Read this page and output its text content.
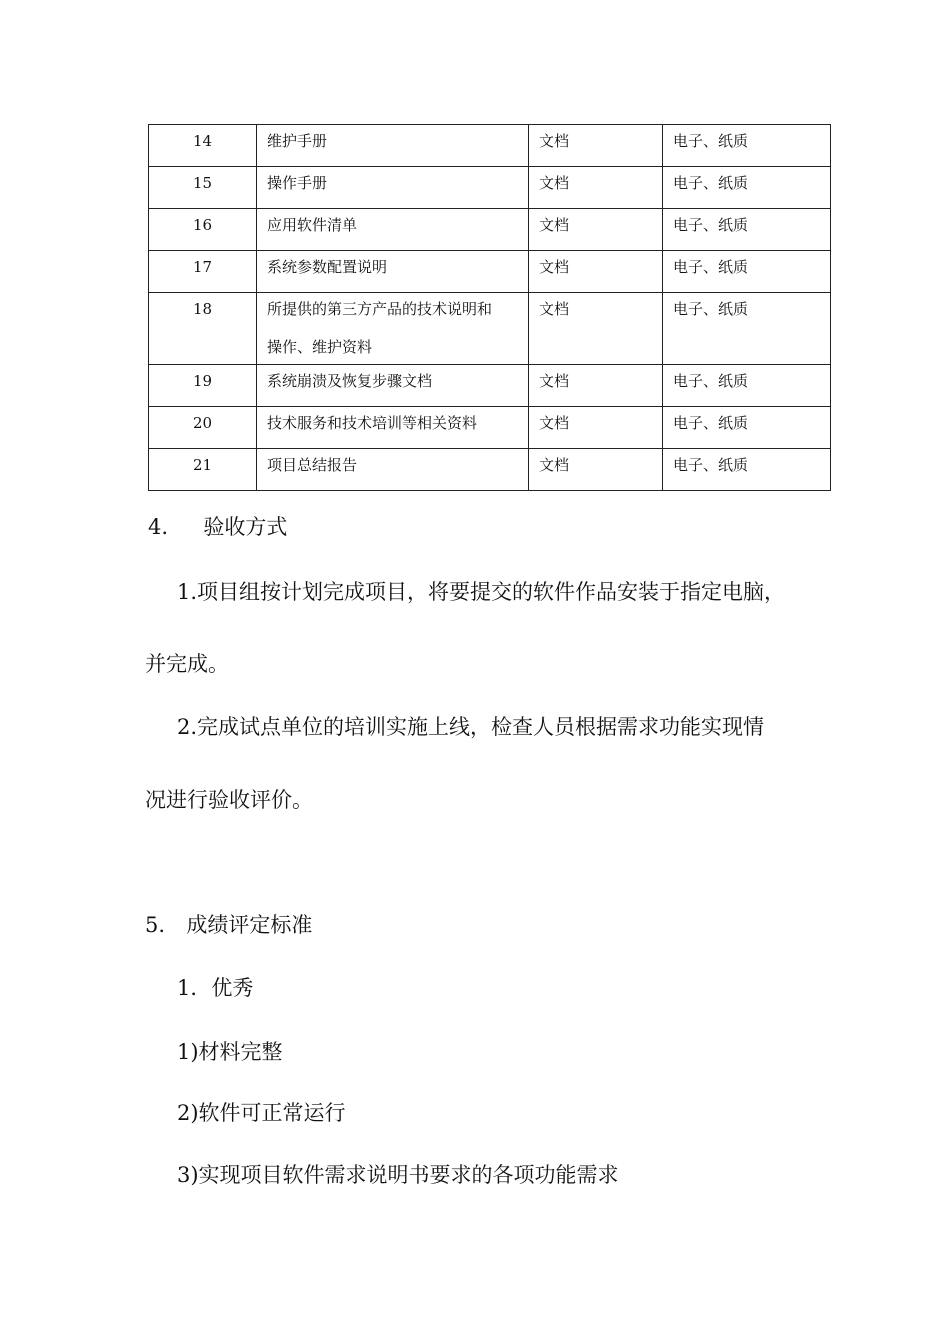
14	维护手册	文档	电子、纸质
15	操作手册	文档	电子、纸质
16	应用软件清单	文档	电子、纸质
17	系统参数配置说明	文档	电子、纸质
18	所提供的第三方产品的技术说明和
操作、维护资料	文档	电子、纸质
19	系统崩溃及恢复步骤文档	文档	电子、纸质
20	技术服务和技术培训等相关资料	文档	电子、纸质
21	项目总结报告	文档	电子、纸质
4. 验收方式
1.项目组按计划完成项目，将要提交的软件作品安装于指定电脑，
并完成。
2.完成试点单位的培训实施上线，检查人员根据需求功能实现情
况进行验收评价。
5. 成绩评定标准
1．优秀
1)材料完整
2)软件可正常运行
3)实现项目软件需求说明书要求的各项功能需求
